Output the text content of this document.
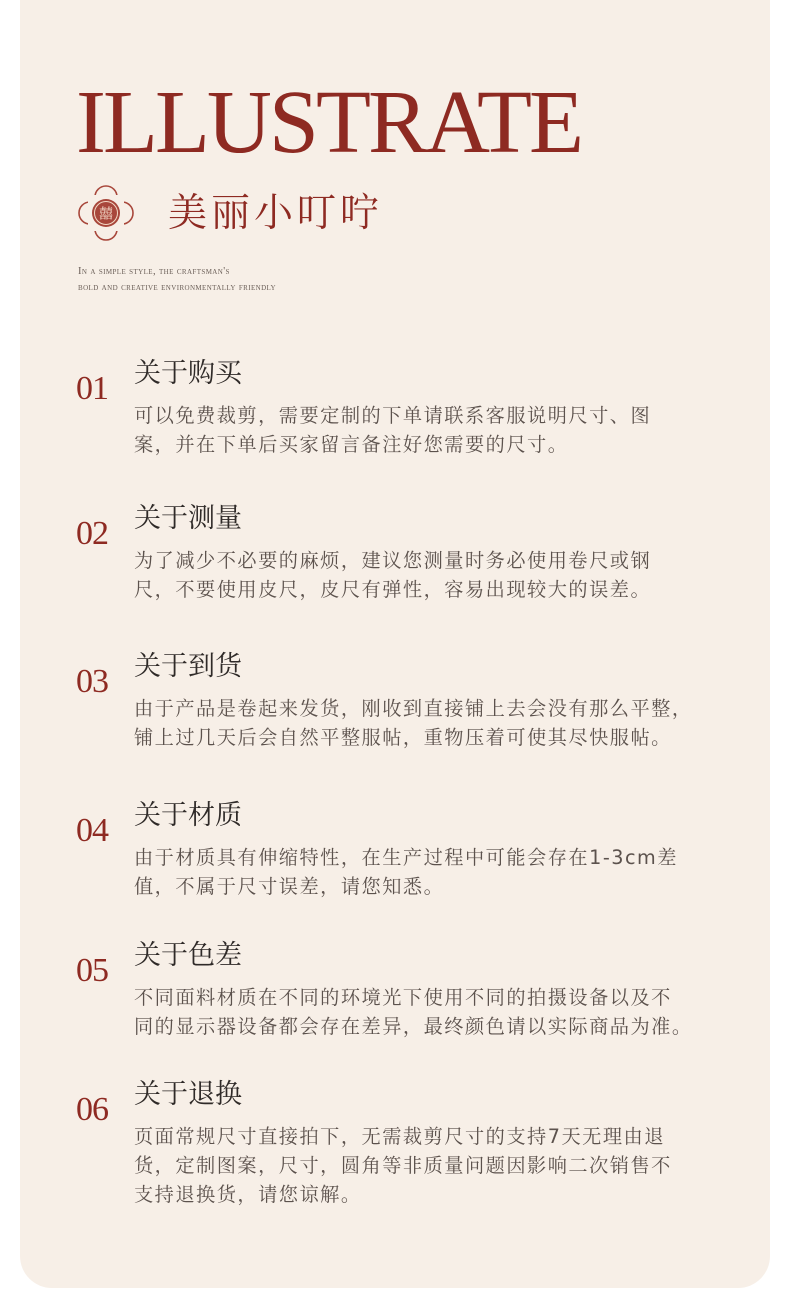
ILLUSTRATE
囍 美丽小叮咛
In a simple style, the craftsman's
bold and creative environmentally friendly
01 关于购买
可以免费裁剪，需要定制的下单请联系客服说明尺寸、图
案，并在下单后买家留言备注好您需要的尺寸。
02 关于测量
为了减少不必要的麻烦，建议您测量时务必使用卷尺或钢
尺，不要使用皮尺，皮尺有弹性，容易出现较大的误差。
03 关于到货
由于产品是卷起来发货，刚收到直接铺上去会没有那么平整，
铺上过几天后会自然平整服帖，重物压着可使其尽快服帖。
04 关于材质
由于材质具有伸缩特性，在生产过程中可能会存在1-3cm差
值，不属于尺寸误差，请您知悉。
05 关于色差
不同面料材质在不同的环境光下使用不同的拍摄设备以及不
同的显示器设备都会存在差异，最终颜色请以实际商品为准。
06 关于退换
页面常规尺寸直接拍下，无需裁剪尺寸的支持7天无理由退
货，定制图案，尺寸，圆角等非质量问题因影响二次销售不
支持退换货，请您谅解。
